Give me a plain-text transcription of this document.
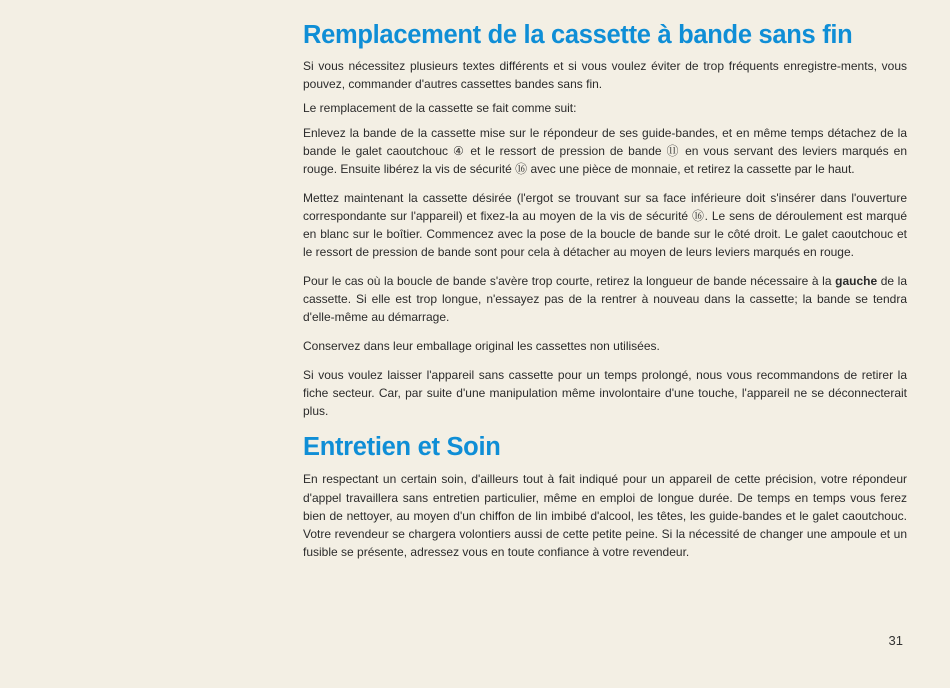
Remplacement de la cassette à bande sans fin

Si vous nécessitez plusieurs textes différents et si vous voulez éviter de trop fréquents enregistre-ments, vous pouvez, commander d'autres cassettes bandes sans fin.

Le remplacement de la cassette se fait comme suit:

Enlevez la bande de la cassette mise sur le répondeur de ses guide-bandes, et en même temps détachez de la bande le galet caoutchouc ④ et le ressort de pression de bande ⑪ en vous servant des leviers marqués en rouge. Ensuite libérez la vis de sécurité ⑯ avec une pièce de monnaie, et retirez la cassette par le haut.

Mettez maintenant la cassette désirée (l'ergot se trouvant sur sa face inférieure doit s'insérer dans l'ouverture correspondante sur l'appareil) et fixez-la au moyen de la vis de sécurité ⑯. Le sens de déroulement est marqué en blanc sur le boîtier. Commencez avec la pose de la boucle de bande sur le côté droit. Le galet caoutchouc et le ressort de pression de bande sont pour cela à détacher au moyen de leurs leviers marqués en rouge.

Pour le cas où la boucle de bande s'avère trop courte, retirez la longueur de bande nécessaire à la gauche de la cassette. Si elle est trop longue, n'essayez pas de la rentrer à nouveau dans la cassette; la bande se tendra d'elle-même au démarrage.

Conservez dans leur emballage original les cassettes non utilisées.

Si vous voulez laisser l'appareil sans cassette pour un temps prolongé, nous vous recommandons de retirer la fiche secteur. Car, par suite d'une manipulation même involontaire d'une touche, l'appareil ne se déconnecterait plus.

Entretien et Soin

En respectant un certain soin, d'ailleurs tout à fait indiqué pour un appareil de cette précision, votre répondeur d'appel travaillera sans entretien particulier, même en emploi de longue durée. De temps en temps vous ferez bien de nettoyer, au moyen d'un chiffon de lin imbibé d'alcool, les têtes, les guide-bandes et le galet caoutchouc. Votre revendeur se chargera volontiers aussi de cette petite peine. Si la nécessité de changer une ampoule et un fusible se présente, adressez vous en toute confiance à votre revendeur.

31
